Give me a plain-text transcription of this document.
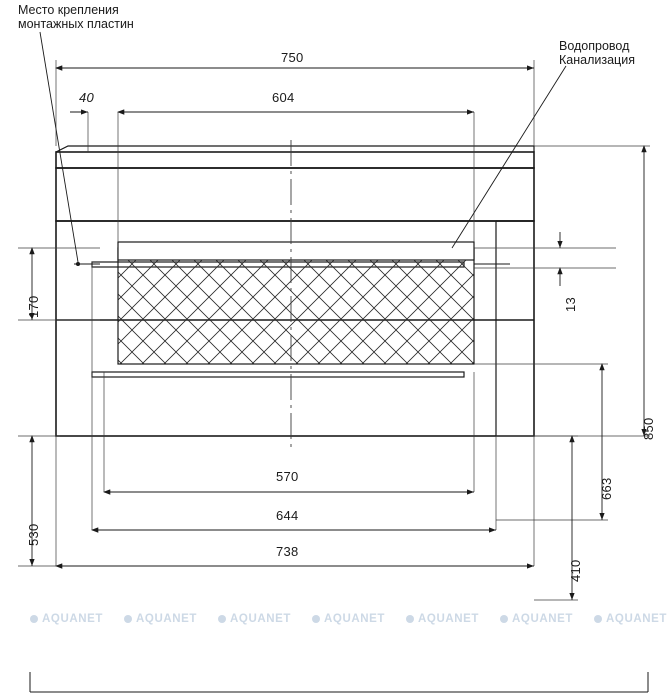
Место крепления
монтажных пластин
Водопровод
Канализация
750
40	604
570
644
738
170
530
13
850
663
410
AQUANET	AQUANET	AQUANET	AQUANET	AQUANET	AQUANET	AQUANET
